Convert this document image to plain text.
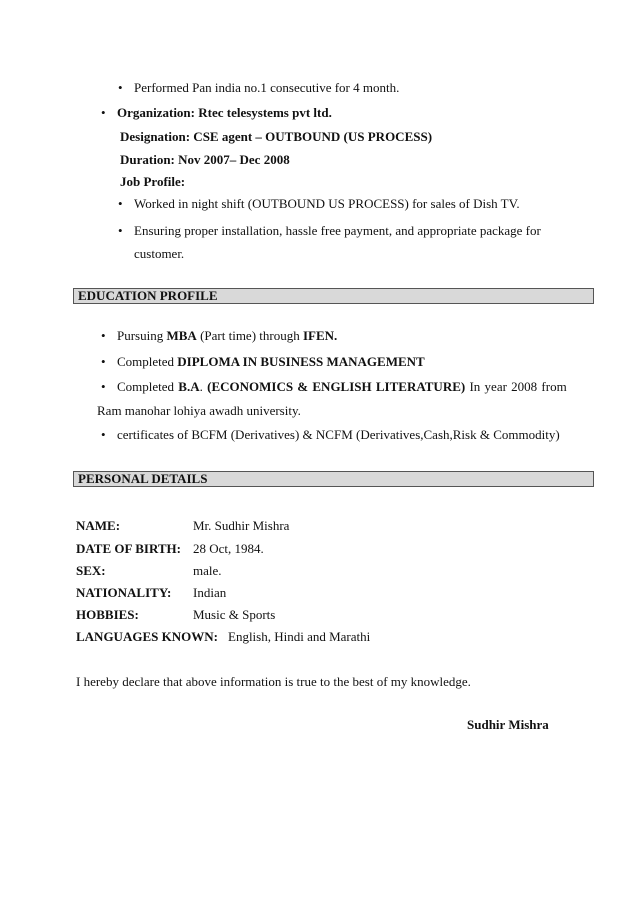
• Performed Pan india no.1 consecutive for 4 month.
• Organization: Rtec telesystems pvt ltd.
Designation: CSE agent – OUTBOUND (US PROCESS)
Duration: Nov 2007– Dec 2008
Job Profile:
• Worked in night shift (OUTBOUND US PROCESS) for sales of Dish TV.
• Ensuring proper installation, hassle free payment, and appropriate package for
customer.
EDUCATION PROFILE
• Pursuing MBA (Part time) through IFEN.
• Completed DIPLOMA IN BUSINESS MANAGEMENT
• Completed B.A. (ECONOMICS & ENGLISH LITERATURE) In year 2008 from
Ram manohar lohiya awadh university.
• certificates of BCFM (Derivatives) & NCFM (Derivatives,Cash,Risk & Commodity)
PERSONAL DETAILS
NAME:	Mr. Sudhir Mishra
DATE OF BIRTH: 28 Oct, 1984.
SEX:	male.
NATIONALITY: Indian
HOBBIES:	Music & Sports
LANGUAGES KNOWN: English, Hindi and Marathi
I hereby declare that above information is true to the best of my knowledge.
Sudhir Mishra
